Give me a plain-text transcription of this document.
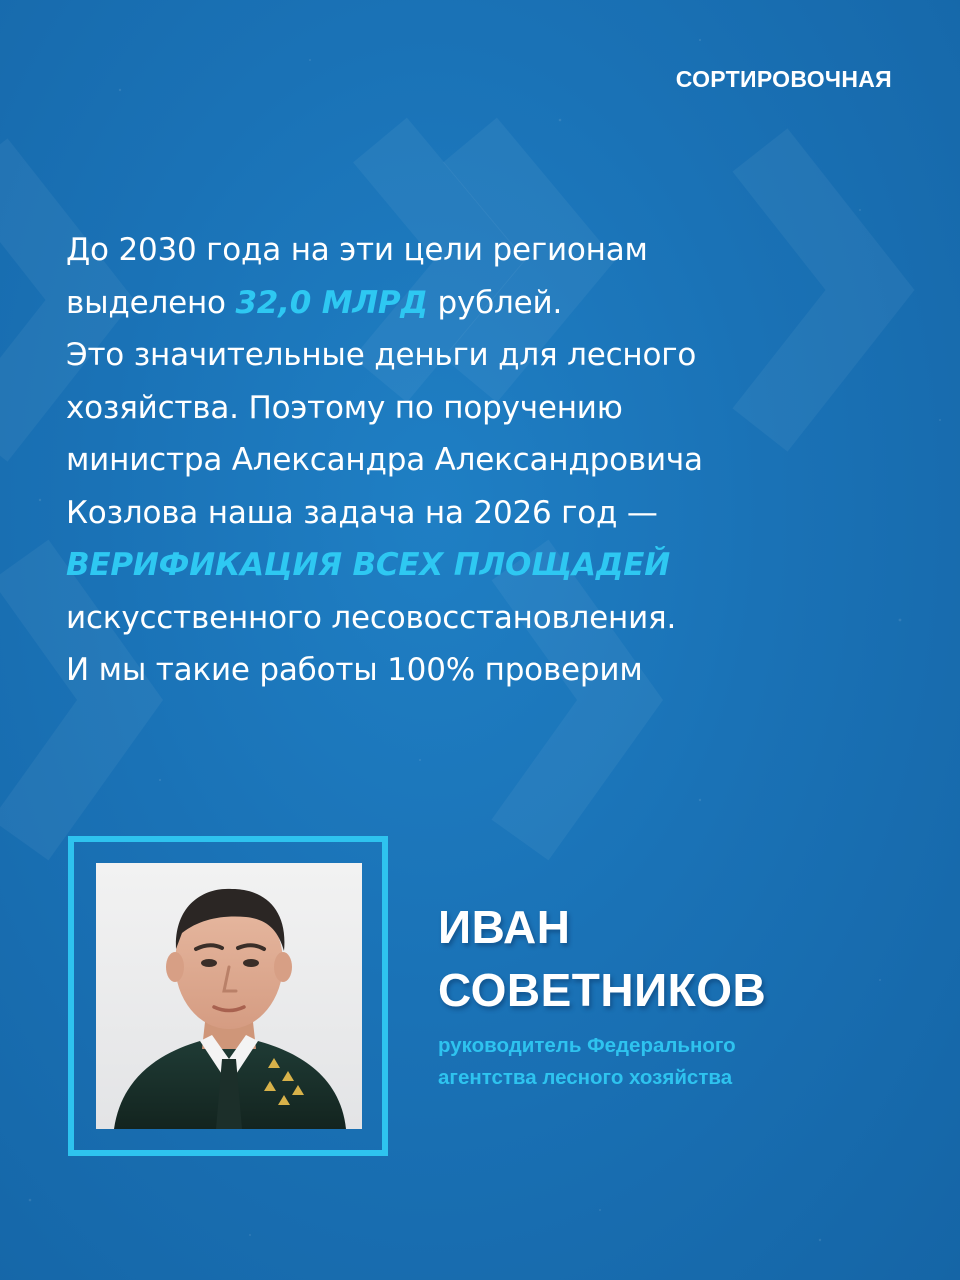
СОРТИРОВОЧНАЯ
До 2030 года на эти цели регионам
выделено 32,0 МЛРД рублей.
Это значительные деньги для лесного
хозяйства. Поэтому по поручению
министра Александра Александровича
Козлова наша задача на 2026 год —
ВЕРИФИКАЦИЯ ВСЕХ ПЛОЩАДЕЙ
искусственного лесовосстановления.
И мы такие работы 100% проверим
ИВАН
СОВЕТНИКОВ
руководитель Федерального
агентства лесного хозяйства
